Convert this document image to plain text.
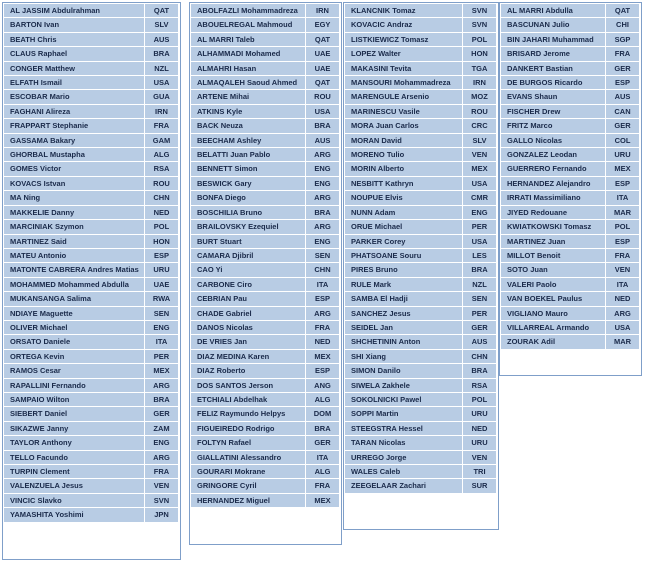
AL JASSIM Abdulrahman	QAT
BARTON Ivan	SLV
BEATH Chris	AUS
CLAUS Raphael	BRA
CONGER Matthew	NZL
ELFATH Ismail	USA
ESCOBAR Mario	GUA
FAGHANI Alireza	IRN
FRAPPART Stephanie	FRA
GASSAMA Bakary	GAM
GHORBAL Mustapha	ALG
GOMES Victor	RSA
KOVACS Istvan	ROU
MA Ning	CHN
MAKKELIE Danny	NED
MARCINIAK Szymon	POL
MARTINEZ Said	HON
MATEU Antonio	ESP
MATONTE CABRERA Andres Matias	URU
MOHAMMED Mohammed Abdulla	UAE
MUKANSANGA Salima	RWA
NDIAYE Maguette	SEN
OLIVER Michael	ENG
ORSATO Daniele	ITA
ORTEGA Kevin	PER
RAMOS Cesar	MEX
RAPALLINI Fernando	ARG
SAMPAIO Wilton	BRA
SIEBERT Daniel	GER
SIKAZWE Janny	ZAM
TAYLOR Anthony	ENG
TELLO Facundo	ARG
TURPIN Clement	FRA
VALENZUELA Jesus	VEN
VINCIC Slavko	SVN
YAMASHITA Yoshimi	JPN
ABOLFAZLI Mohammadreza	IRN
ABOUELREGAL Mahmoud	EGY
AL MARRI Taleb	QAT
ALHAMMADI Mohamed	UAE
ALMAHRI Hasan	UAE
ALMAQALEH Saoud Ahmed	QAT
ARTENE Mihai	ROU
ATKINS Kyle	USA
BACK Neuza	BRA
BEECHAM Ashley	AUS
BELATTI Juan Pablo	ARG
BENNETT Simon	ENG
BESWICK Gary	ENG
BONFA Diego	ARG
BOSCHILIA Bruno	BRA
BRAILOVSKY Ezequiel	ARG
BURT Stuart	ENG
CAMARA Djibril	SEN
CAO Yi	CHN
CARBONE Ciro	ITA
CEBRIAN Pau	ESP
CHADE Gabriel	ARG
DANOS Nicolas	FRA
DE VRIES Jan	NED
DIAZ MEDINA Karen	MEX
DIAZ Roberto	ESP
DOS SANTOS Jerson	ANG
ETCHIALI Abdelhak	ALG
FELIZ Raymundo Helpys	DOM
FIGUEIREDO Rodrigo	BRA
FOLTYN Rafael	GER
GIALLATINI Alessandro	ITA
GOURARI Mokrane	ALG
GRINGORE Cyril	FRA
HERNANDEZ Miguel	MEX
KLANCNIK Tomaz	SVN
KOVACIC Andraz	SVN
LISTKIEWICZ Tomasz	POL
LOPEZ Walter	HON
MAKASINI Tevita	TGA
MANSOURI Mohammadreza	IRN
MARENGULE Arsenio	MOZ
MARINESCU Vasile	ROU
MORA Juan Carlos	CRC
MORAN David	SLV
MORENO Tulio	VEN
MORIN Alberto	MEX
NESBITT Kathryn	USA
NOUPUE Elvis	CMR
NUNN Adam	ENG
ORUE Michael	PER
PARKER Corey	USA
PHATSOANE Souru	LES
PIRES Bruno	BRA
RULE Mark	NZL
SAMBA El Hadji	SEN
SANCHEZ Jesus	PER
SEIDEL Jan	GER
SHCHETININ Anton	AUS
SHI Xiang	CHN
SIMON Danilo	BRA
SIWELA Zakhele	RSA
SOKOLNICKI Pawel	POL
SOPPI Martin	URU
STEEGSTRA Hessel	NED
TARAN Nicolas	URU
URREGO Jorge	VEN
WALES Caleb	TRI
ZEEGELAAR Zachari	SUR
AL MARRI Abdulla	QAT
BASCUNAN Julio	CHI
BIN JAHARI Muhammad	SGP
BRISARD Jerome	FRA
DANKERT Bastian	GER
DE BURGOS Ricardo	ESP
EVANS Shaun	AUS
FISCHER Drew	CAN
FRITZ Marco	GER
GALLO Nicolas	COL
GONZALEZ Leodan	URU
GUERRERO Fernando	MEX
HERNANDEZ Alejandro	ESP
IRRATI Massimiliano	ITA
JIYED Redouane	MAR
KWIATKOWSKI Tomasz	POL
MARTINEZ Juan	ESP
MILLOT Benoit	FRA
SOTO Juan	VEN
VALERI Paolo	ITA
VAN BOEKEL Paulus	NED
VIGLIANO Mauro	ARG
VILLARREAL Armando	USA
ZOURAK Adil	MAR
